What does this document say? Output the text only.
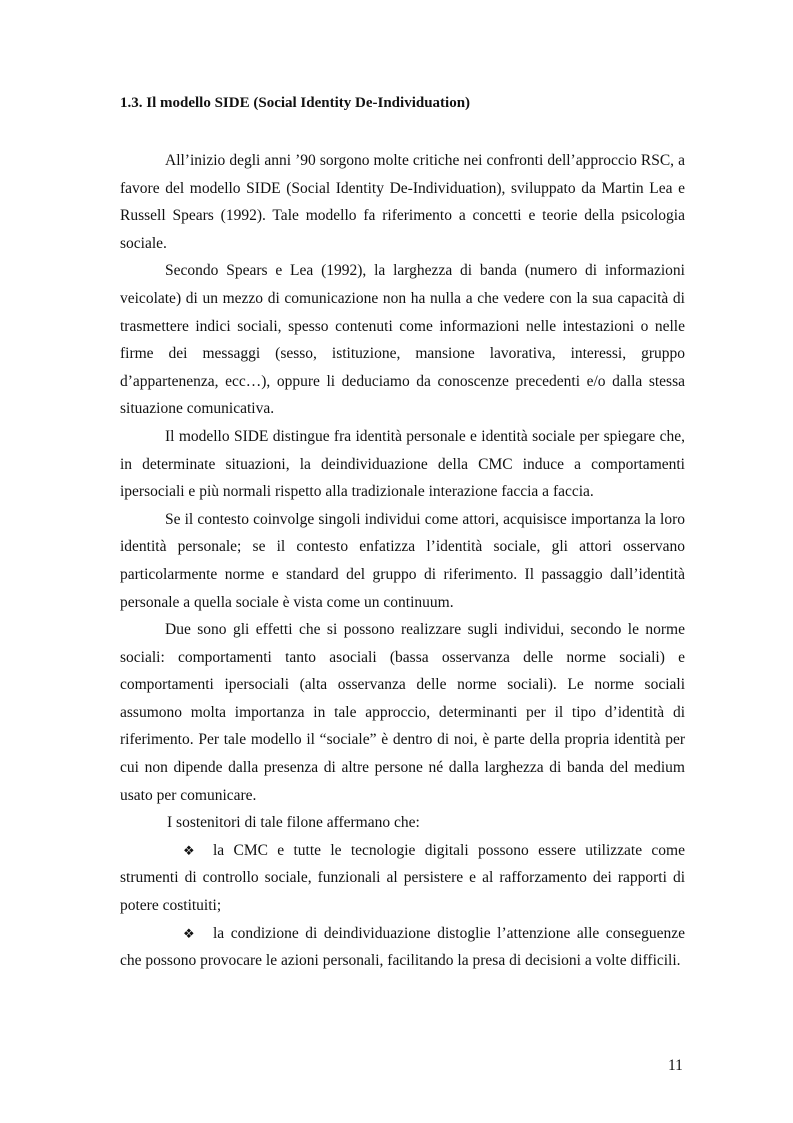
1.3. Il modello SIDE (Social Identity De-Individuation)

All’inizio degli anni ’90 sorgono molte critiche nei confronti dell’approccio RSC, a favore del modello SIDE (Social Identity De-Individuation), sviluppato da Martin Lea e Russell Spears (1992). Tale modello fa riferimento a concetti e teorie della psicologia sociale.

Secondo Spears e Lea (1992), la larghezza di banda (numero di informazioni veicolate) di un mezzo di comunicazione non ha nulla a che vedere con la sua capacità di trasmettere indici sociali, spesso contenuti come informazioni nelle intestazioni o nelle firme dei messaggi (sesso, istituzione, mansione lavorativa, interessi, gruppo d’appartenenza, ecc…), oppure li deduciamo da conoscenze precedenti e/o dalla stessa situazione comunicativa.

Il modello SIDE distingue fra identità personale e identità sociale per spiegare che, in determinate situazioni, la deindividuazione della CMC induce a comportamenti ipersociali e più normali rispetto alla tradizionale interazione faccia a faccia.

Se il contesto coinvolge singoli individui come attori, acquisisce importanza la loro identità personale; se il contesto enfatizza l’identità sociale, gli attori osservano particolarmente norme e standard del gruppo di riferimento. Il passaggio dall’identità personale a quella sociale è vista come un continuum.

Due sono gli effetti che si possono realizzare sugli individui, secondo le norme sociali: comportamenti tanto asociali (bassa osservanza delle norme sociali) e comportamenti ipersociali (alta osservanza delle norme sociali). Le norme sociali assumono molta importanza in tale approccio, determinanti per il tipo d’identità di riferimento. Per tale modello il “sociale” è dentro di noi, è parte della propria identità per cui non dipende dalla presenza di altre persone né dalla larghezza di banda del medium usato per comunicare.

I sostenitori di tale filone affermano che:

❖ la CMC e tutte le tecnologie digitali possono essere utilizzate come strumenti di controllo sociale, funzionali al persistere e al rafforzamento dei rapporti di potere costituiti;

❖ la condizione di deindividuazione distoglie l’attenzione alle conseguenze che possono provocare le azioni personali, facilitando la presa di decisioni a volte difficili.

11
